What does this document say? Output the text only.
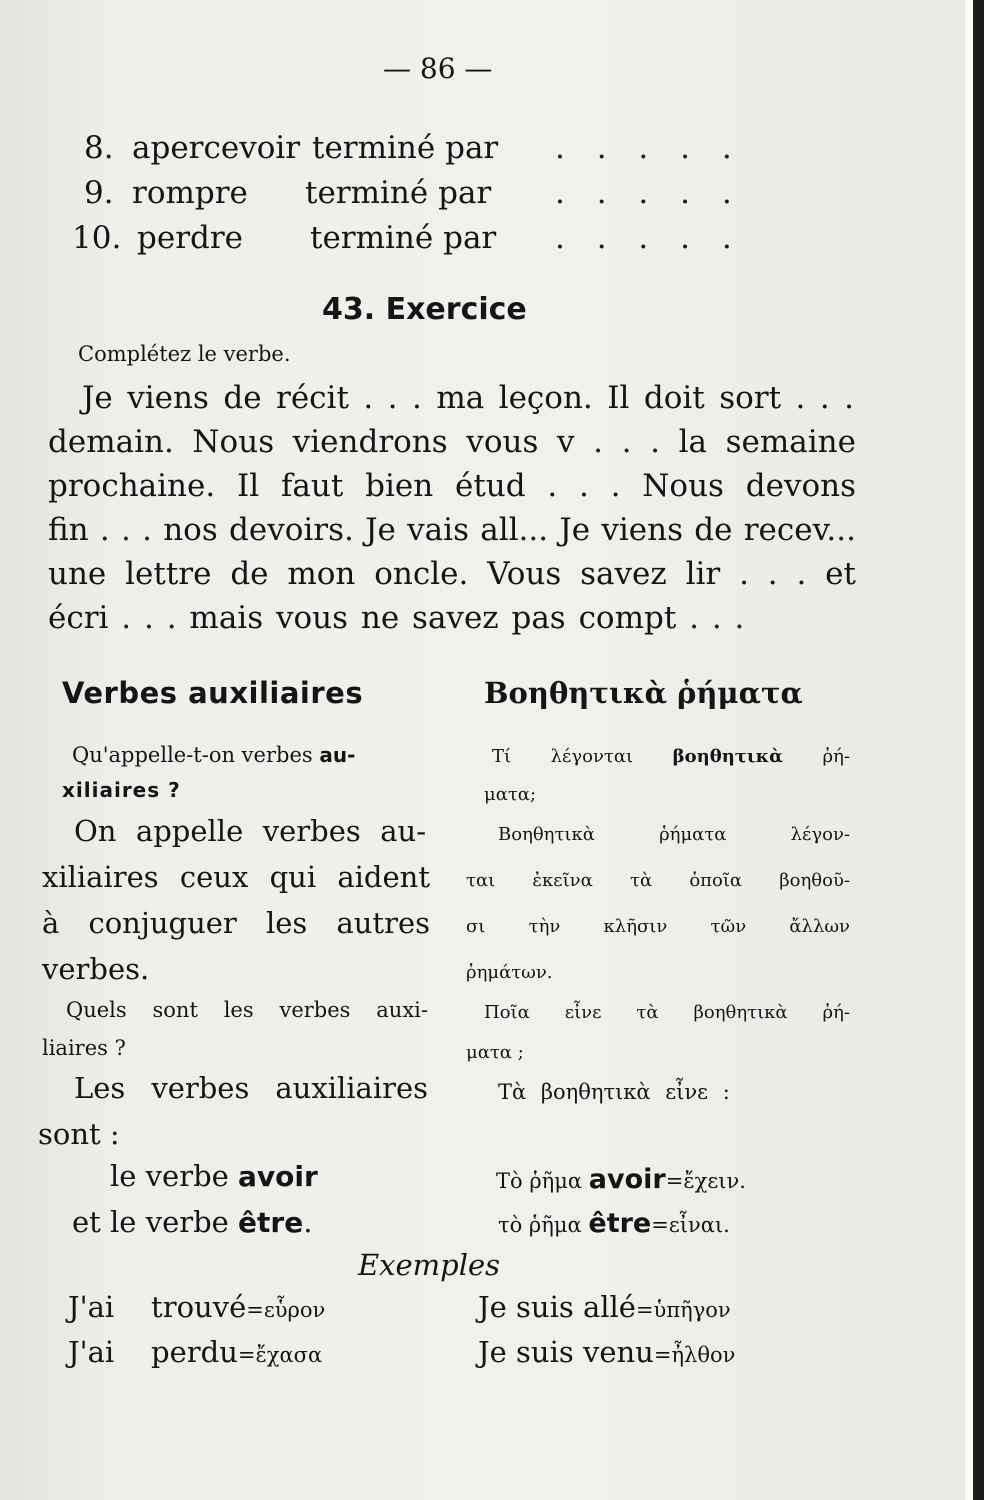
— 86 —
8. apercevoir terminé par . . . . .
9. rompre terminé par . . . . .
10. perdre terminé par . . . . .
43. Exercice
Complétez le verbe.
Je viens de récit . . . ma leçon. Il doit sort . . .
demain. Nous viendrons vous v . . . la semaine
prochaine. Il faut bien étud . . . Nous devons
fin . . . nos devoirs. Je vais all... Je viens de recev...
une lettre de mon oncle. Vous savez lir . . . et
écri . . . mais vous ne savez pas compt . . .
Verbes auxiliaires	Βοηθητικὰ ῥήματα
Qu'appelle-t-on verbes au-
xiliaires ?
On appelle verbes au-
xiliaires ceux qui aident
à conjuguer les autres
verbes.
Quels sont les verbes auxi-
liaires ?
Les verbes auxiliaires
sont :
le verbe avoir
et le verbe être.
Τί λέγονται βοηθητικὰ ῥή-
ματα;
Βοηθητικὰ ῥήματα λέγον-
ται ἐκεῖνα τὰ ὁποῖα βοηθοῦ-
σι τὴν κλῆσιν τῶν ἄλλων
ῥημάτων.
Ποῖα εἶνε τὰ βοηθητικὰ ῥή-
ματα ;
Τὰ βοηθητικὰ εἶνε :
Τὸ ῥῆμα avoir=ἔχειν.
τὸ ῥῆμα être=εἶναι.
Exemples
J'ai trouvé=εὗρον	Je suis allé=ὑπῆγον
J'ai perdu=ἔχασα	Je suis venu=ἦλθον
